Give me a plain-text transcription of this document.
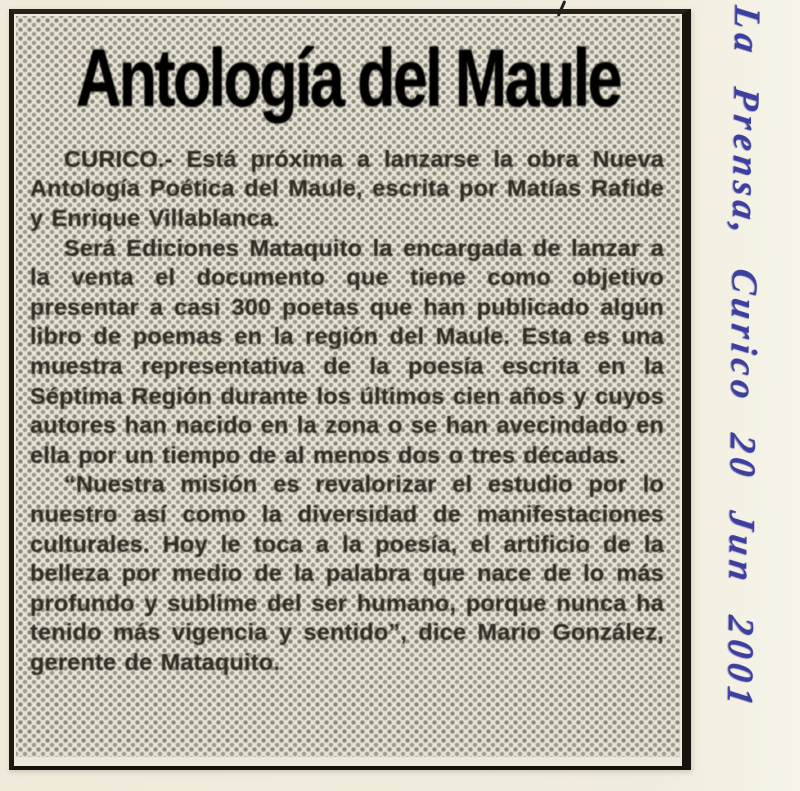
Antología del Maule

CURICO.- Está próxima a lanzarse la obra Nueva Antología Poética del Maule, escrita por Matías Rafide y Enrique Villablanca.

Será Ediciones Mataquito la encargada de lanzar a la venta el documento que tiene como objetivo presentar a casi 300 poetas que han publicado algún libro de poemas en la región del Maule. Esta es una muestra representativa de la poesía escrita en la Séptima Región durante los últimos cien años y cuyos autores han nacido en la zona o se han avecindado en ella por un tiempo de al menos dos o tres décadas.

“Nuestra misión es revalorizar el estudio por lo nuestro así como la diversidad de manifestaciones culturales. Hoy le toca a la poesía, el artificio de la belleza por medio de la palabra que nace de lo más profundo y sublime del ser humano, porque nunca ha tenido más vigencia y sentido”, dice Mario González, gerente de Mataquito.	La Prensa, Curico 20 Jun 2001
